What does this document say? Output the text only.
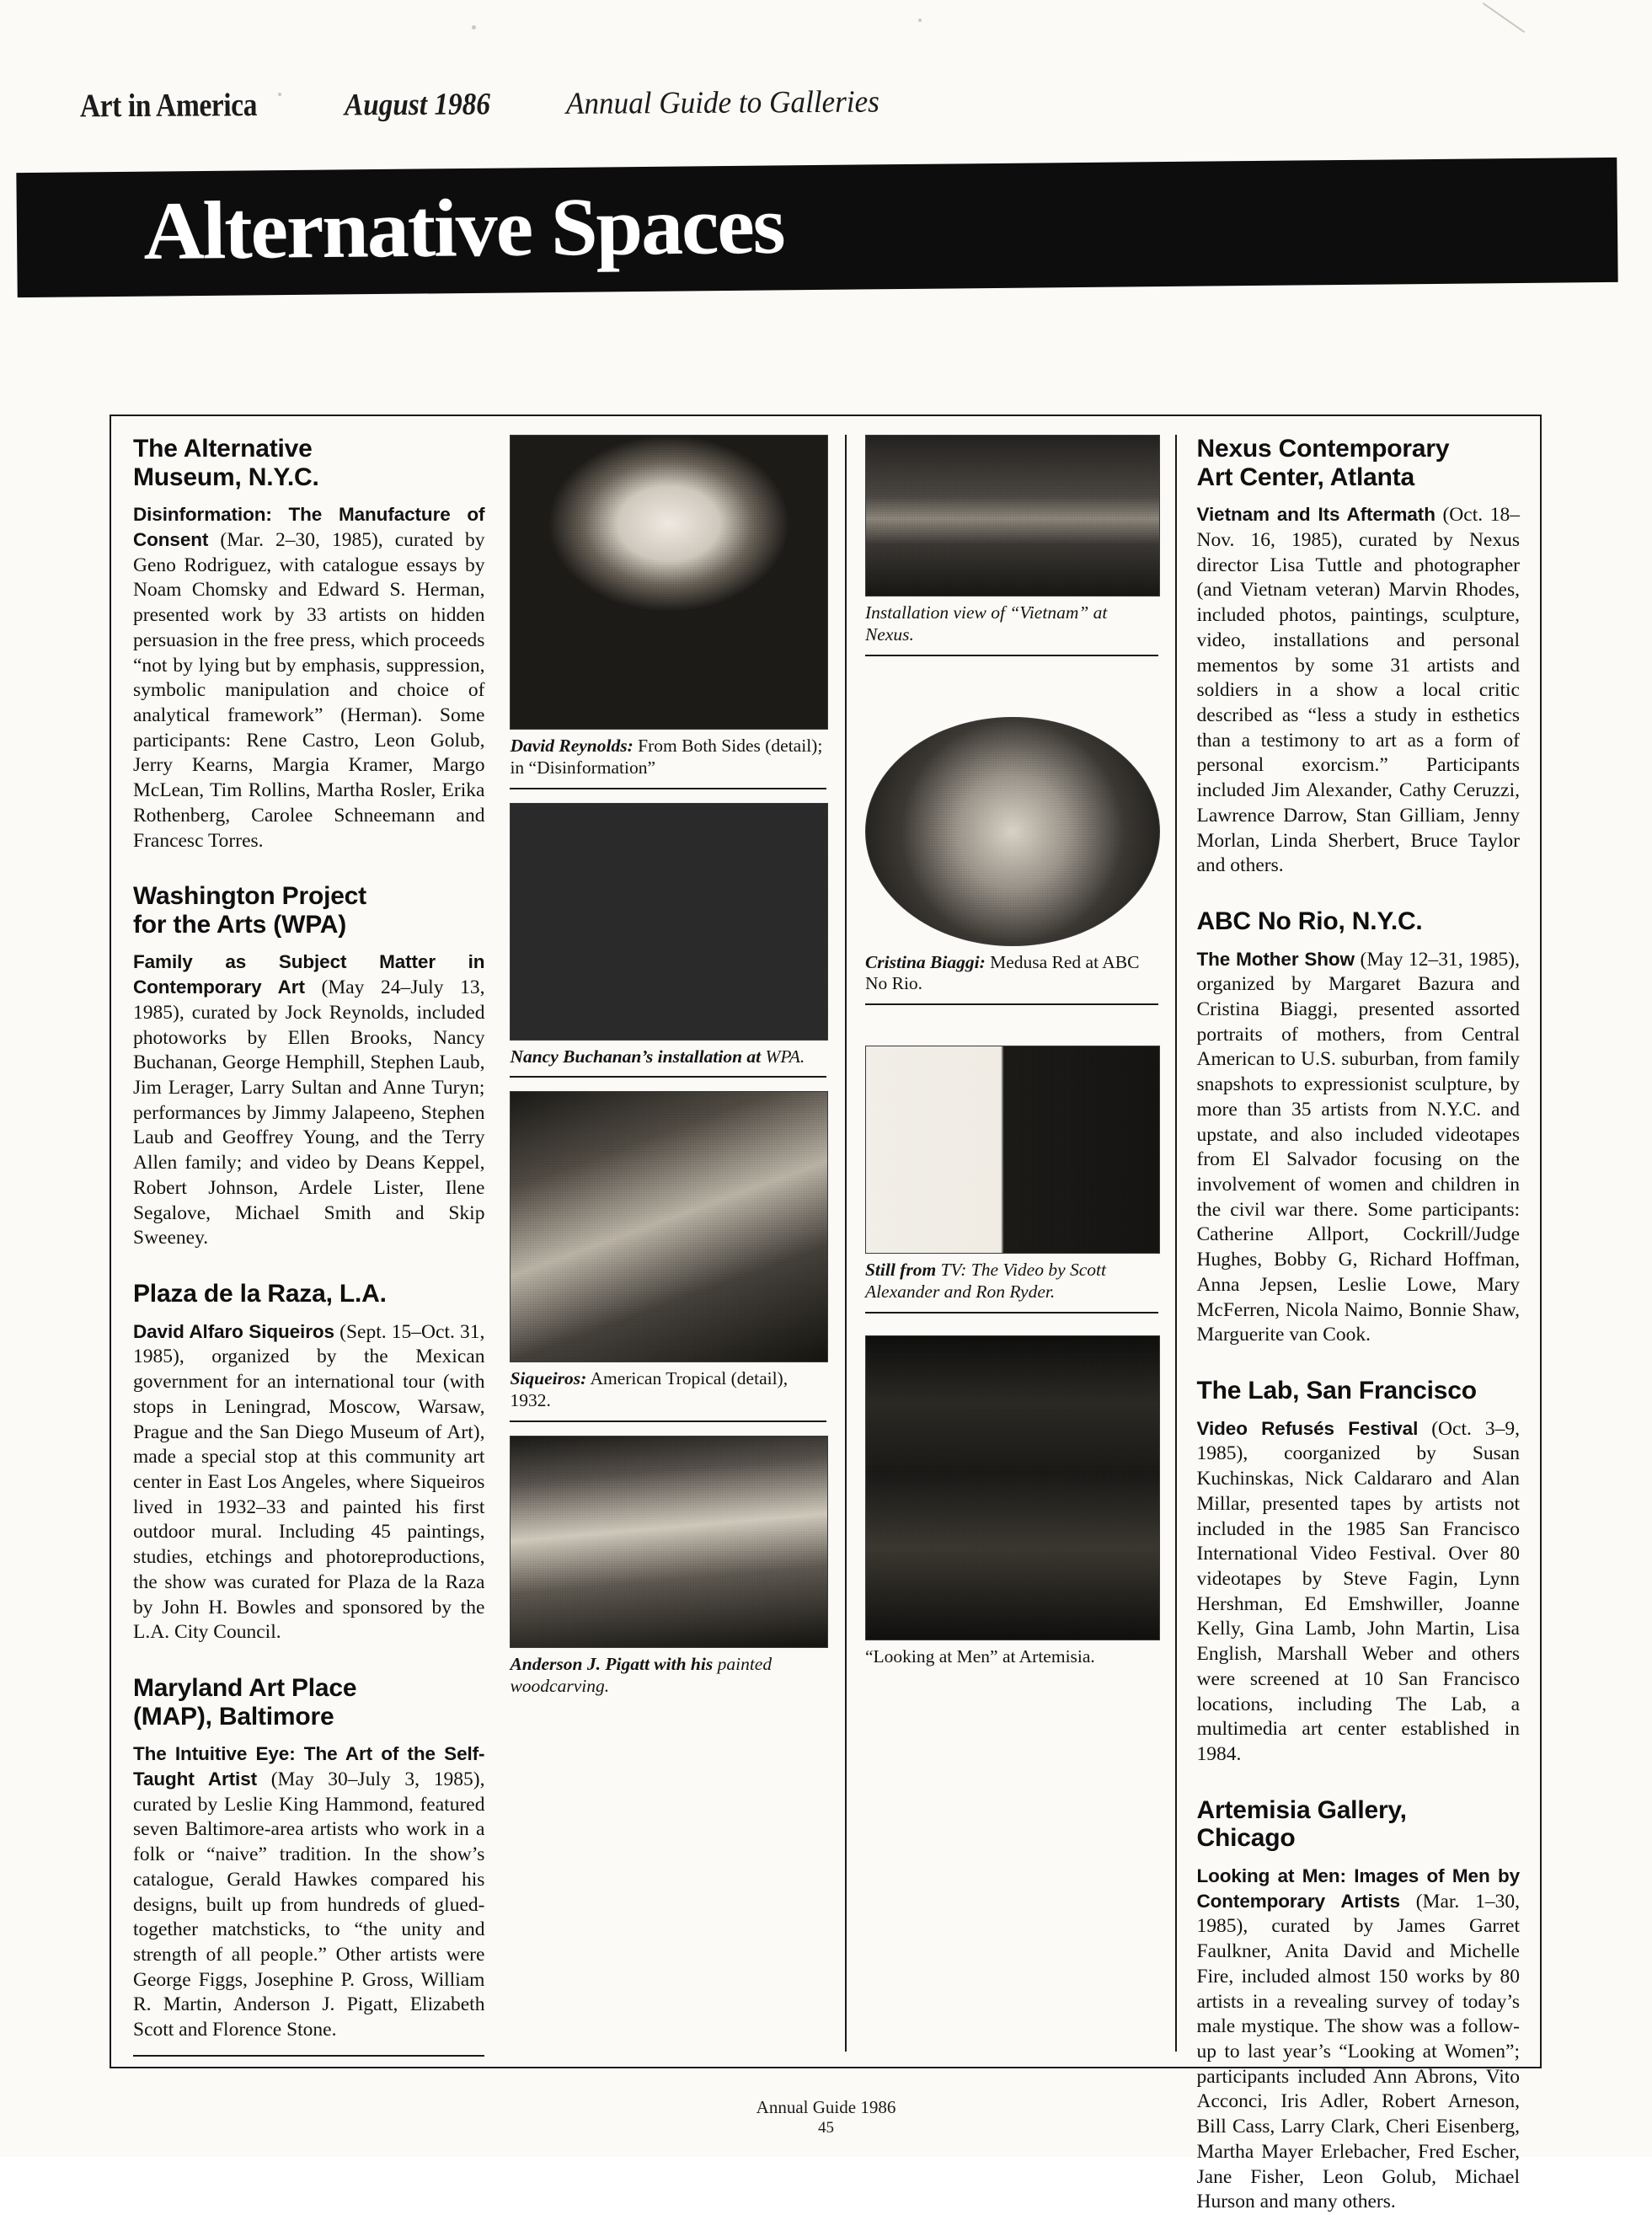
Art in America	August 1986 Annual Guide to Galleries
Alternative Spaces
The Alternative
Museum, N.Y.C.

Disinformation: The Manufacture of Consent (Mar. 2–30, 1985), curated by Geno Rodriguez, with catalogue essays by Noam Chomsky and Edward S. Herman, presented work by 33 artists on hidden persuasion in the free press, which proceeds “not by lying but by emphasis, suppression, symbolic manipulation and choice of analytical framework” (Herman). Some participants: Rene Castro, Leon Golub, Jerry Kearns, Margia Kramer, Margo McLean, Tim Rollins, Martha Rosler, Erika Rothenberg, Carolee Schneemann and Francesc Torres.

Washington Project
for the Arts (WPA)

Family as Subject Matter in Contemporary Art (May 24–July 13, 1985), curated by Jock Reynolds, included photoworks by Ellen Brooks, Nancy Buchanan, George Hemphill, Stephen Laub, Jim Lerager, Larry Sultan and Anne Turyn; performances by Jimmy Jalapeeno, Stephen Laub and Geoffrey Young, and the Terry Allen family; and video by Deans Keppel, Robert Johnson, Ardele Lister, Ilene Segalove, Michael Smith and Skip Sweeney.

Plaza de la Raza, L.A.

David Alfaro Siqueiros (Sept. 15–Oct. 31, 1985), organized by the Mexican government for an international tour (with stops in Leningrad, Moscow, Warsaw, Prague and the San Diego Museum of Art), made a special stop at this community art center in East Los Angeles, where Siqueiros lived in 1932–33 and painted his first outdoor mural. Including 45 paintings, studies, etchings and photoreproductions, the show was curated for Plaza de la Raza by John H. Bowles and sponsored by the L.A. City Council.

Maryland Art Place
(MAP), Baltimore

The Intuitive Eye: The Art of the Self-Taught Artist (May 30–July 3, 1985), curated by Leslie King Hammond, featured seven Baltimore-area artists who work in a folk or “naive” tradition. In the show’s catalogue, Gerald Hawkes compared his designs, built up from hundreds of glued-together matchsticks, to “the unity and strength of all people.” Other artists were George Figgs, Josephine P. Gross, William R. Martin, Anderson J. Pigatt, Elizabeth Scott and Florence Stone.

David Reynolds: From Both Sides (detail); in “Disinformation”

Nancy Buchanan’s installation at WPA.

Siqueiros: American Tropical (detail), 1932.

Anderson J. Pigatt with his painted woodcarving.

Installation view of “Vietnam” at Nexus.

Cristina Biaggi: Medusa Red at ABC No Rio.

Still from TV: The Video by Scott Alexander and Ron Ryder.

“Looking at Men” at Artemisia.

Nexus Contemporary
Art Center, Atlanta

Vietnam and Its Aftermath (Oct. 18–Nov. 16, 1985), curated by Nexus director Lisa Tuttle and photographer (and Vietnam veteran) Marvin Rhodes, included photos, paintings, sculpture, video, installations and personal mementos by some 31 artists and soldiers in a show a local critic described as “less a study in esthetics than a testimony to art as a form of personal exorcism.” Participants included Jim Alexander, Cathy Ceruzzi, Lawrence Darrow, Stan Gilliam, Jenny Morlan, Linda Sherbert, Bruce Taylor and others.

ABC No Rio, N.Y.C.

The Mother Show (May 12–31, 1985), organized by Margaret Bazura and Cristina Biaggi, presented assorted portraits of mothers, from Central American to U.S. suburban, from family snapshots to expressionist sculpture, by more than 35 artists from N.Y.C. and upstate, and also included videotapes from El Salvador focusing on the involvement of women and children in the civil war there. Some participants: Catherine Allport, Cockrill/Judge Hughes, Bobby G, Richard Hoffman, Anna Jepsen, Leslie Lowe, Mary McFerren, Nicola Naimo, Bonnie Shaw, Marguerite van Cook.

The Lab, San Francisco

Video Refusés Festival (Oct. 3–9, 1985), coorganized by Susan Kuchinskas, Nick Caldararo and Alan Millar, presented tapes by artists not included in the 1985 San Francisco International Video Festival. Over 80 videotapes by Steve Fagin, Lynn Hershman, Ed Emshwiller, Joanne Kelly, Gina Lamb, John Martin, Lisa English, Marshall Weber and others were screened at 10 San Francisco locations, including The Lab, a multimedia art center established in 1984.

Artemisia Gallery,
Chicago

Looking at Men: Images of Men by Contemporary Artists (Mar. 1–30, 1985), curated by James Garret Faulkner, Anita David and Michelle Fire, included almost 150 works by 80 artists in a revealing survey of today’s male mystique. The show was a follow-up to last year’s “Looking at Women”; participants included Ann Abrons, Vito Acconci, Iris Adler, Robert Arneson, Bill Cass, Larry Clark, Cheri Eisenberg, Martha Mayer Erlebacher, Fred Escher, Jane Fisher, Leon Golub, Michael Hurson and many others.

Annual Guide 1986
45
